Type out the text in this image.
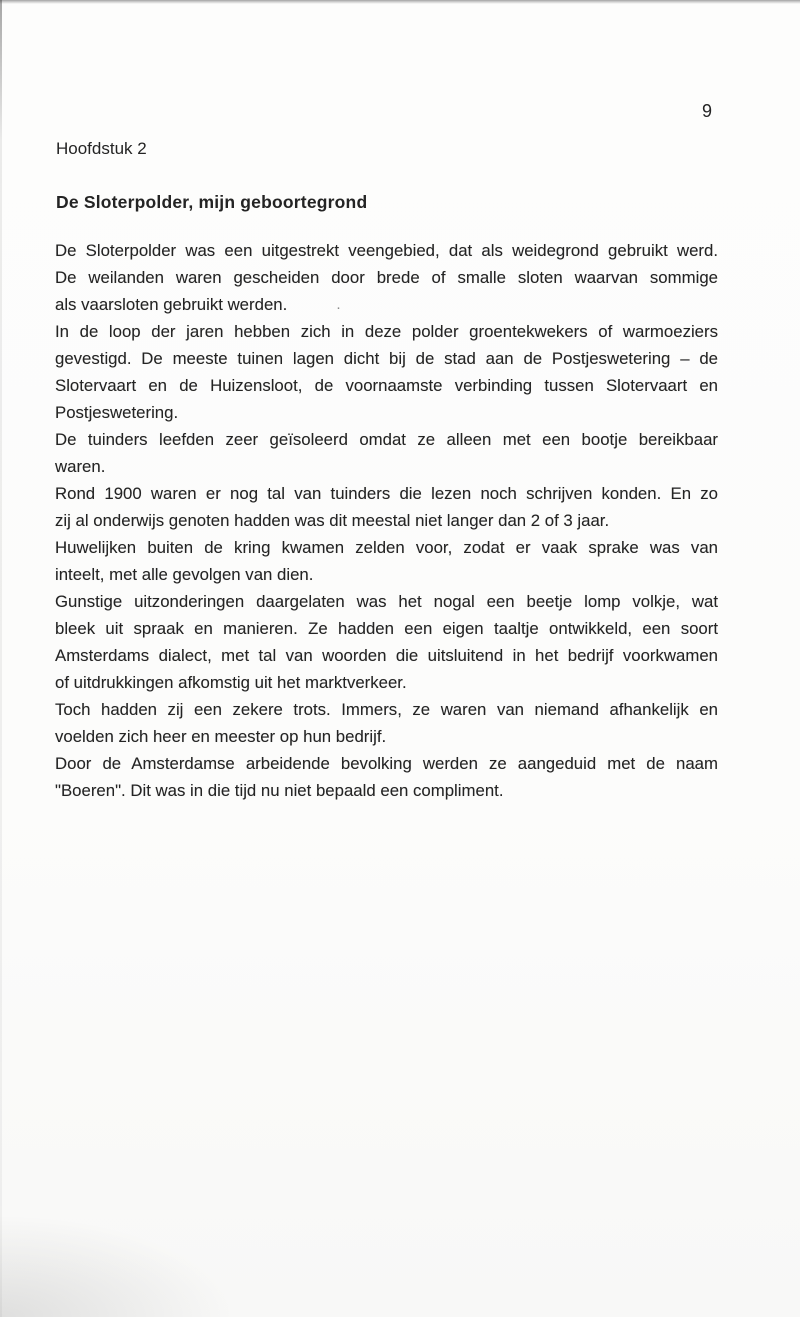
9
Hoofdstuk 2
De Sloterpolder, mijn geboortegrond

De Sloterpolder was een uitgestrekt veengebied, dat als weidegrond gebruikt werd.
De weilanden waren gescheiden door brede of smalle sloten waarvan sommige
als vaarsloten gebruikt werden.

In de loop der jaren hebben zich in deze polder groentekwekers of warmoeziers
gevestigd. De meeste tuinen lagen dicht bij de stad aan de Postjeswetering – de
Slotervaart en de Huizensloot, de voornaamste verbinding tussen Slotervaart en
Postjeswetering.

De tuinders leefden zeer geïsoleerd omdat ze alleen met een bootje bereikbaar
waren.

Rond 1900 waren er nog tal van tuinders die lezen noch schrijven konden. En zo
zij al onderwijs genoten hadden was dit meestal niet langer dan 2 of 3 jaar.

Huwelijken buiten de kring kwamen zelden voor, zodat er vaak sprake was van
inteelt, met alle gevolgen van dien.

Gunstige uitzonderingen daargelaten was het nogal een beetje lomp volkje, wat
bleek uit spraak en manieren. Ze hadden een eigen taaltje ontwikkeld, een soort
Amsterdams dialect, met tal van woorden die uitsluitend in het bedrijf voorkwamen
of uitdrukkingen afkomstig uit het marktverkeer.

Toch hadden zij een zekere trots. Immers, ze waren van niemand afhankelijk en
voelden zich heer en meester op hun bedrijf.

Door de Amsterdamse arbeidende bevolking werden ze aangeduid met de naam
"Boeren". Dit was in die tijd nu niet bepaald een compliment.

·
